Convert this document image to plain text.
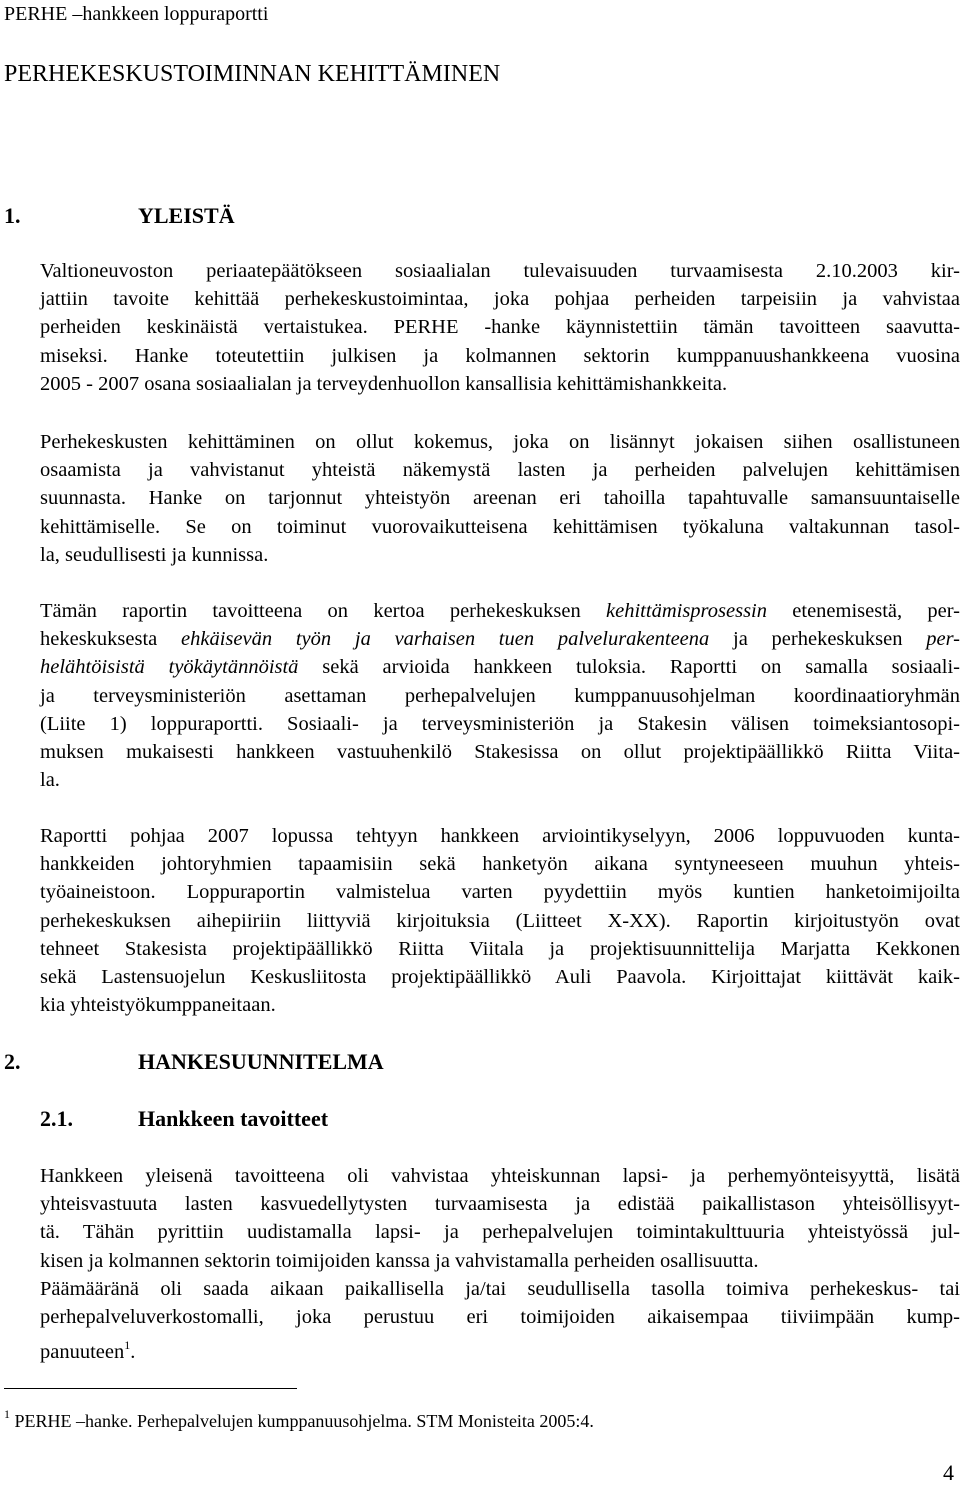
PERHE –hankkeen loppuraportti
PERHEKESKUSTOIMINNAN KEHITTÄMINEN
1.	YLEISTÄ

Valtioneuvoston periaatepäätökseen sosiaalialan tulevaisuuden turvaamisesta 2.10.2003 kir-
jattiin tavoite kehittää perhekeskustoimintaa, joka pohjaa perheiden tarpeisiin ja vahvistaa
perheiden keskinäistä vertaistukea. PERHE -hanke käynnistettiin tämän tavoitteen saavutta-
miseksi. Hanke toteutettiin julkisen ja kolmannen sektorin kumppanuushankkeena vuosina
2005 - 2007 osana sosiaalialan ja terveydenhuollon kansallisia kehittämishankkeita.

Perhekeskusten kehittäminen on ollut kokemus, joka on lisännyt jokaisen siihen osallistuneen
osaamista ja vahvistanut yhteistä näkemystä lasten ja perheiden palvelujen kehittämisen
suunnasta. Hanke on tarjonnut yhteistyön areenan eri tahoilla tapahtuvalle samansuuntaiselle
kehittämiselle. Se on toiminut vuorovaikutteisena kehittämisen työkaluna valtakunnan tasol-
la, seudullisesti ja kunnissa.

Tämän raportin tavoitteena on kertoa perhekeskuksen kehittämisprosessin etenemisestä, per-
hekeskuksesta ehkäisevän työn ja varhaisen tuen palvelurakenteena ja perhekeskuksen per-
helähtöisistä työkäytännöistä sekä arvioida hankkeen tuloksia. Raportti on samalla sosiaali-
ja terveysministeriön asettaman perhepalvelujen kumppanuusohjelman koordinaatioryhmän
(Liite 1) loppuraportti. Sosiaali- ja terveysministeriön ja Stakesin välisen toimeksiantosopi-
muksen mukaisesti hankkeen vastuuhenkilö Stakesissa on ollut projektipäällikkö Riitta Viita-
la.

Raportti pohjaa 2007 lopussa tehtyyn hankkeen arviointikyselyyn, 2006 loppuvuoden kunta-
hankkeiden johtoryhmien tapaamisiin sekä hanketyön aikana syntyneeseen muuhun yhteis-
työaineistoon. Loppuraportin valmistelua varten pyydettiin myös kuntien hanketoimijoilta
perhekeskuksen aihepiiriin liittyviä kirjoituksia (Liitteet X-XX). Raportin kirjoitustyön ovat
tehneet Stakesista projektipäällikkö Riitta Viitala ja projektisuunnittelija Marjatta Kekkonen
sekä Lastensuojelun Keskusliitosta projektipäällikkö Auli Paavola. Kirjoittajat kiittävät kaik-
kia yhteistyökumppaneitaan.

2.	HANKESUUNNITELMA
2.1.	Hankkeen tavoitteet

Hankkeen yleisenä tavoitteena oli vahvistaa yhteiskunnan lapsi- ja perhemyönteisyyttä, lisätä
yhteisvastuuta lasten kasvuedellytysten turvaamisesta ja edistää paikallistason yhteisöllisyyt-
tä. Tähän pyrittiin uudistamalla lapsi- ja perhepalvelujen toimintakulttuuria yhteistyössä jul-
kisen ja kolmannen sektorin toimijoiden kanssa ja vahvistamalla perheiden osallisuutta.
Päämääränä oli saada aikaan paikallisella ja/tai seudullisella tasolla toimiva perhekeskus- tai
perhepalveluverkostomalli, joka perustuu eri toimijoiden aikaisempaa tiiviimpään kump-
panuuteen$^1$.

$^1$ PERHE –hanke. Perhepalvelujen kumppanuusohjelma. STM Monisteita 2005:4.
4
